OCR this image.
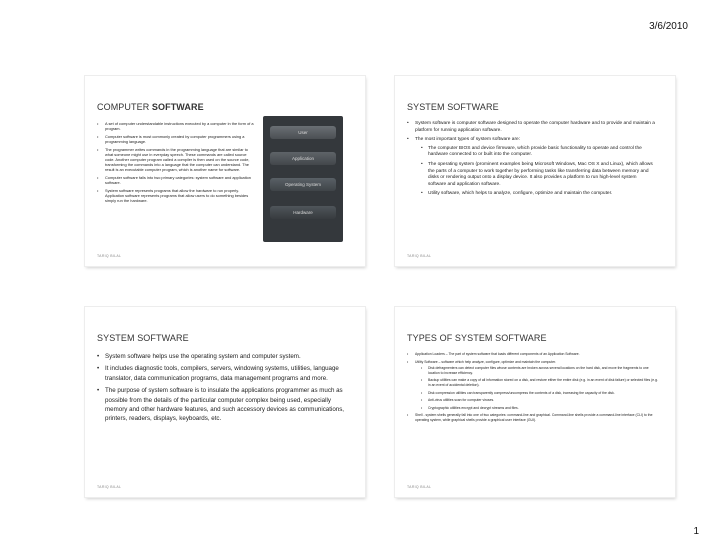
3/6/2010
COMPUTER SOFTWARE
• A set of computer understandable instructions executed by a computer in the form of a program.
• Computer software is most commonly created by computer programmers using a programming language.
• The programmer writes commands in the programming language that are similar to what someone might use in everyday speech. These commands are called source code. Another computer program called a compiler is then used on the source code, transforming the commands into a language that the computer can understand. The result is an executable computer program, which is another name for software.
• Computer software falls into two primary categories: system software and application software.
• System software represents programs that allow the hardware to run properly. Application software represents programs that allow users to do something besides simply run the hardware.
User
Application
Operating System
Hardware
TARIQ BILAL
SYSTEM SOFTWARE
• System software is computer software designed to operate the computer hardware and to provide and maintain a platform for running application software.
• The most important types of system software are:
• The computer BIOS and device firmware, which provide basic functionality to operate and control the hardware connected to or built into the computer.
• The operating system (prominent examples being Microsoft Windows, Mac OS X and Linux), which allows the parts of a computer to work together by performing tasks like transferring data between memory and disks or rendering output onto a display device. It also provides a platform to run high-level system software and application software.
• Utility software, which helps to analyze, configure, optimize and maintain the computer.
TARIQ BILAL
SYSTEM SOFTWARE
• System software helps use the operating system and computer system.
• It includes diagnostic tools, compilers, servers, windowing systems, utilities, language translator, data communication programs, data management programs and more.
• The purpose of system software is to insulate the applications programmer as much as possible from the details of the particular computer complex being used, especially memory and other hardware features, and such accessory devices as communications, printers, readers, displays, keyboards, etc.
TARIQ BILAL
TYPES OF SYSTEM SOFTWARE
• Application Loaders – The part of system software that loads different components of an Application Software.
• Utility Software – software which help analyze, configure, optimize and maintain the computer.
• Disk defragmenters can detect computer files whose contents are broken across several locations on the hard disk, and move the fragments to one location to increase efficiency.
• Backup utilities can make a copy of all information stored on a disk, and restore either the entire disk (e.g. in an event of disk failure) or selected files (e.g. in an event of accidental deletion).
• Disk compression utilities can transparently compress/uncompress the contents of a disk, increasing the capacity of the disk.
• Anti-virus utilities scan for computer viruses.
• Cryptographic utilities encrypt and decrypt streams and files.
• Shell - system shells generally fall into one of two categories: command-line and graphical. Command-line shells provide a command-line interface (CLI) to the operating system, while graphical shells provide a graphical user interface (GUI).
TARIQ BILAL
1
